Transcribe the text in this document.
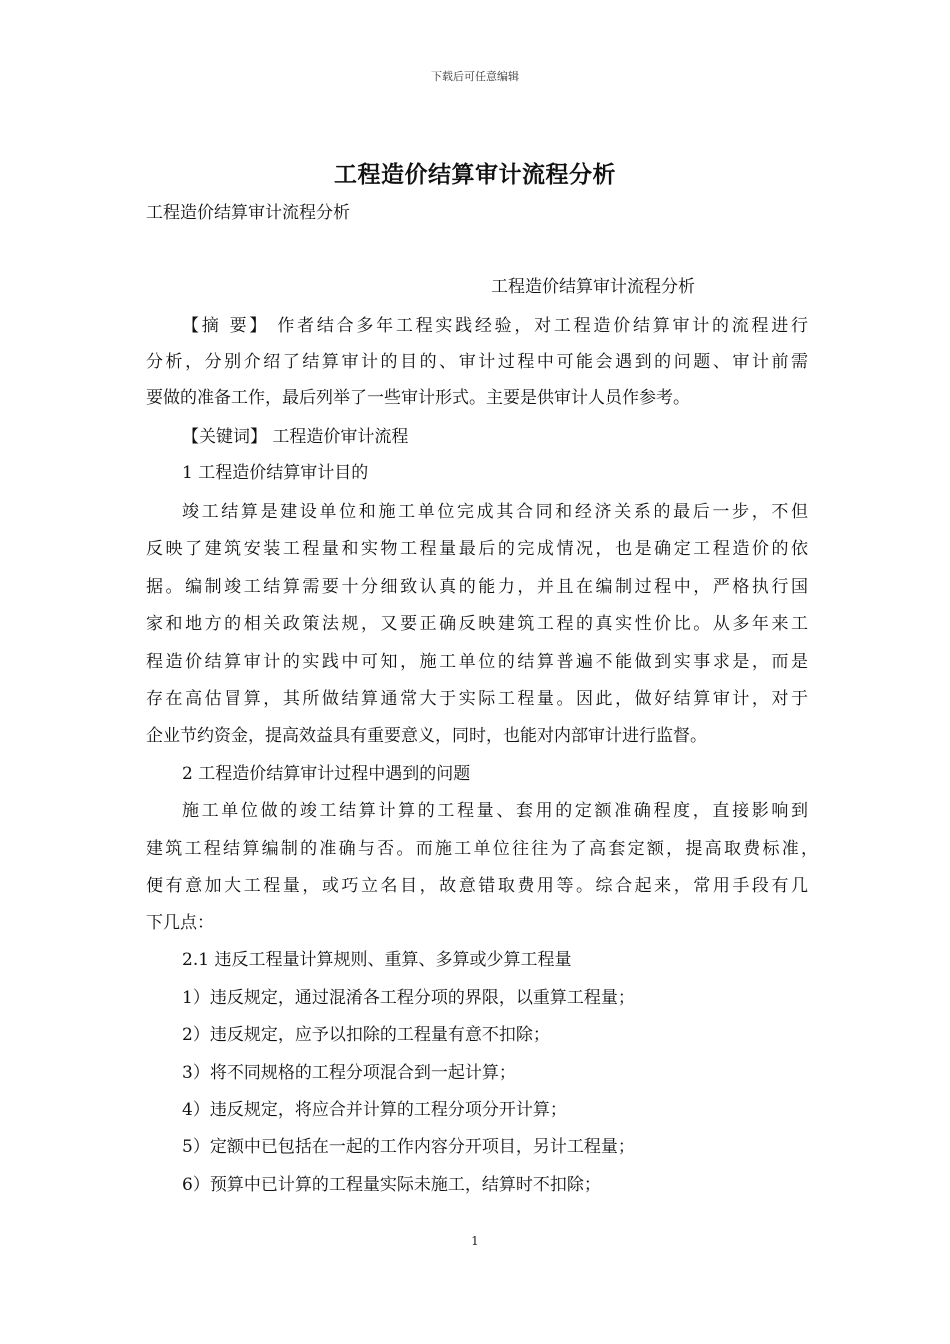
下载后可任意编辑
工程造价结算审计流程分析
工程造价结算审计流程分析
工程造价结算审计流程分析
【摘 要】 作者结合多年工程实践经验，对工程造价结算审计的流程进行
分析，分别介绍了结算审计的目的、审计过程中可能会遇到的问题、审计前需
要做的准备工作，最后列举了一些审计形式。主要是供审计人员作参考。
【关键词】 工程造价审计流程
1 工程造价结算审计目的
竣工结算是建设单位和施工单位完成其合同和经济关系的最后一步，不但
反映了建筑安装工程量和实物工程量最后的完成情况，也是确定工程造价的依
据。编制竣工结算需要十分细致认真的能力，并且在编制过程中，严格执行国
家和地方的相关政策法规，又要正确反映建筑工程的真实性价比。从多年来工
程造价结算审计的实践中可知，施工单位的结算普遍不能做到实事求是，而是
存在高估冒算，其所做结算通常大于实际工程量。因此，做好结算审计，对于
企业节约资金，提高效益具有重要意义，同时，也能对内部审计进行监督。
2 工程造价结算审计过程中遇到的问题
施工单位做的竣工结算计算的工程量、套用的定额准确程度，直接影响到
建筑工程结算编制的准确与否。而施工单位往往为了高套定额，提高取费标准，
便有意加大工程量，或巧立名目，故意错取费用等。综合起来，常用手段有几
下几点：
2.1 违反工程量计算规则、重算、多算或少算工程量
1）违反规定，通过混淆各工程分项的界限，以重算工程量；
2）违反规定，应予以扣除的工程量有意不扣除；
3）将不同规格的工程分项混合到一起计算；
4）违反规定，将应合并计算的工程分项分开计算；
5）定额中已包括在一起的工作内容分开项目，另计工程量；
6）预算中已计算的工程量实际未施工，结算时不扣除；
1
